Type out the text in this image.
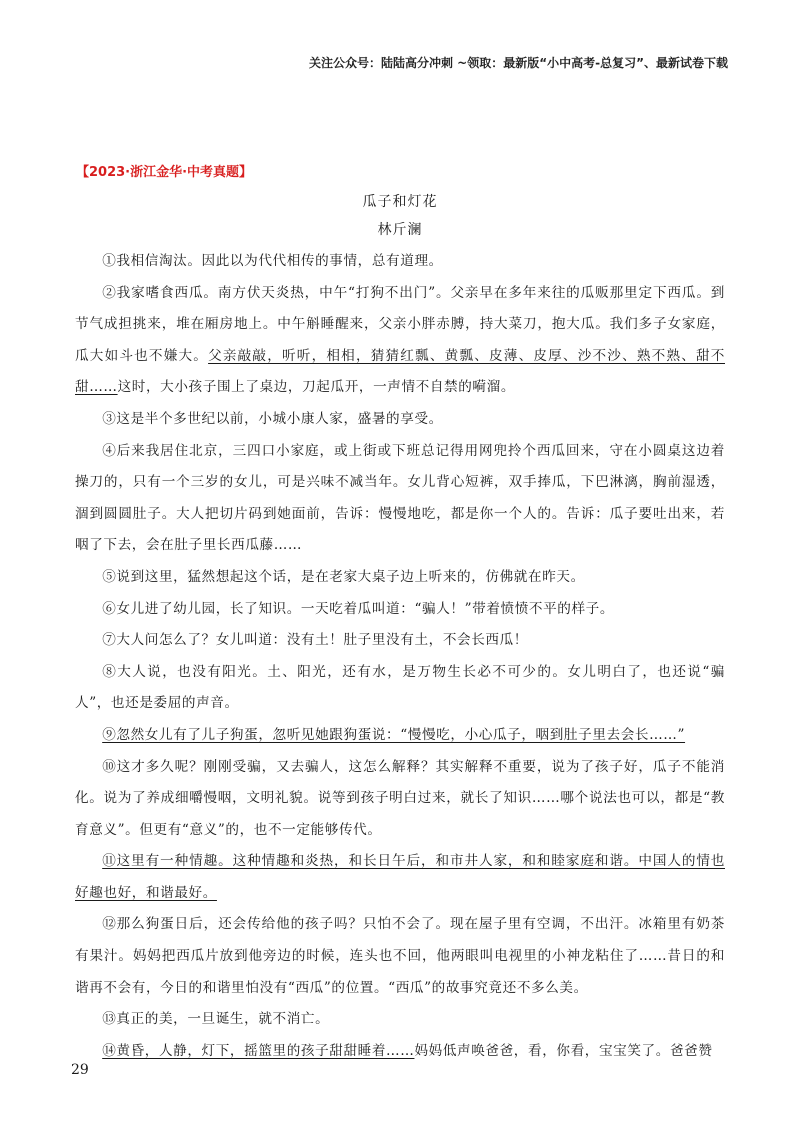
关注公众号：陆陆高分冲刺 ~领取：最新版“小中高考-总复习”、最新试卷下载
【2023·浙江金华·中考真题】
瓜子和灯花
林斤澜

①我相信淘汰。因此以为代代相传的事情，总有道理。

②我家嗜食西瓜。南方伏天炎热，中午“打狗不出门”。父亲早在多年来往的瓜贩那里定下西瓜。到节气成担挑来，堆在厢房地上。中午斛睡醒来，父亲小胖赤膊，持大菜刀，抱大瓜。我们多子女家庭，瓜大如斗也不嫌大。父亲敲敲，听听，相相，猜猜红瓢、黄瓢、皮薄、皮厚、沙不沙、熟不熟、甜不甜……这时，大小孩子围上了桌边，刀起瓜开，一声情不自禁的嗬溜。

③这是半个多世纪以前，小城小康人家，盛暑的享受。

④后来我居住北京，三四口小家庭，或上街或下班总记得用网兜拎个西瓜回来，守在小圆桌这边着操刀的，只有一个三岁的女儿，可是兴味不减当年。女儿背心短裤，双手捧瓜，下巴淋漓，胸前湿透，涸到圆圆肚子。大人把切片码到她面前，告诉：慢慢地吃，都是你一个人的。告诉：瓜子要吐出来，若咽了下去，会在肚子里长西瓜藤……

⑤说到这里，猛然想起这个话，是在老家大桌子边上听来的，仿佛就在昨天。

⑥女儿进了幼儿园，长了知识。一天吃着瓜叫道：“骗人！”带着愤愤不平的样子。

⑦大人问怎么了？女儿叫道：没有土！肚子里没有土，不会长西瓜！

⑧大人说，也没有阳光。土、阳光，还有水，是万物生长必不可少的。女儿明白了，也还说“骗人”，也还是委屈的声音。

⑨忽然女儿有了儿子狗蛋，忽听见她跟狗蛋说：“慢慢吃，小心瓜子，咽到肚子里去会长……”

⑩这才多久呢？刚刚受骗，又去骗人，这怎么解释？其实解释不重要，说为了孩子好，瓜子不能消化。说为了养成细嚼慢咽，文明礼貌。说等到孩子明白过来，就长了知识……哪个说法也可以，都是“教育意义”。但更有“意义”的，也不一定能够传代。

⑪这里有一种情趣。这种情趣和炎热，和长日午后，和市井人家，和和睦家庭和谐。中国人的情也好趣也好，和谐最好。

⑫那么狗蛋日后，还会传给他的孩子吗？只怕不会了。现在屋子里有空调，不出汗。冰箱里有奶茶有果汁。妈妈把西瓜片放到他旁边的时候，连头也不回，他两眼叫电视里的小神龙粘住了……昔日的和谐再不会有，今日的和谐里怕没有“西瓜”的位置。“西瓜”的故事究竟还不多么美。

⑬真正的美，一旦诞生，就不消亡。

⑭黄昏，人静，灯下，摇篮里的孩子甜甜睡着……妈妈低声唤爸爸，看，你看，宝宝笑了。爸爸赞

29
